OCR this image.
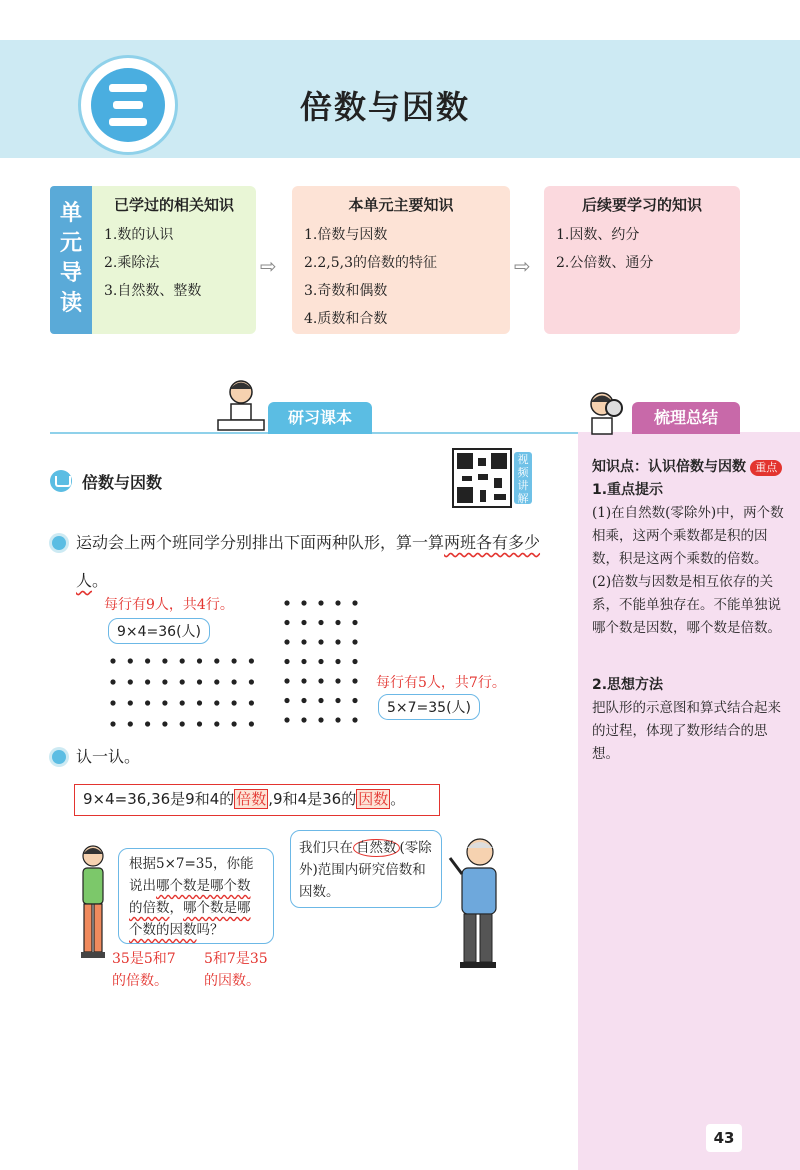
倍数与因数
单元导读
已学过的相关知识
1.数的认识
2.乘除法
3.自然数、整数
⇨
本单元主要知识
1.倍数与因数
2.2,5,3的倍数的特征
3.奇数和偶数
4.质数和合数
⇨
后续要学习的知识
1.因数、约分
2.公倍数、通分
研习课本	梳理总结
知识点：认识倍数与因数 重点
1.重点提示
(1)在自然数(零除外)中，两个数相乘，这两个乘数都是积的因数，积是这两个乘数的倍数。
(2)倍数与因数是相互依存的关系，不能单独存在。不能单独说哪个数是因数，哪个数是倍数。
2.思想方法
把队形的示意图和算式结合起来的过程，体现了数形结合的思想。
倍数与因数
视频讲解
运动会上两个班同学分别排出下面两种队形，算一算两班各有多少人。
每行有9人，共4行。
9×4=36(人)
每行有5人，共7行。
5×7=35(人)
认一认。
9×4=36,36是9和4的 倍数 ,9和4是36的 因数 。
根据5×7=35，你能说出哪个数是哪个数的倍数，哪个数是哪个数的因数吗？
35是5和7的倍数。
5和7是35的因数。
我们只在 自然数 (零除外)范围内研究倍数和因数。
43
